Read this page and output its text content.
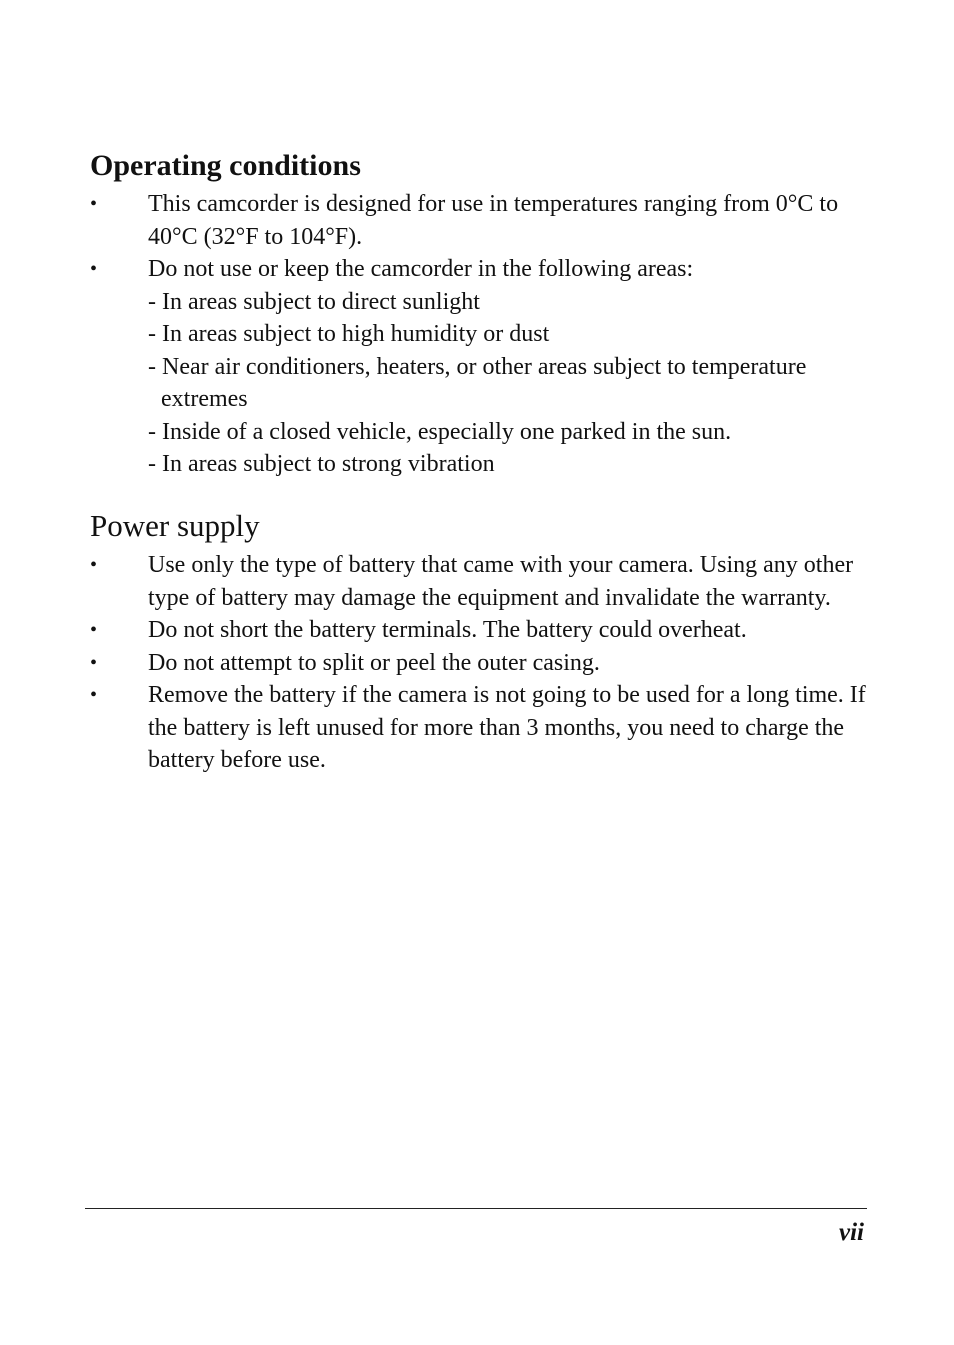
Operating conditions
• This camcorder is designed for use in temperatures ranging from 0°C to 40°C (32°F to 104°F).
• Do not use or keep the camcorder in the following areas:
- In areas subject to direct sunlight
- In areas subject to high humidity or dust
- Near air conditioners, heaters, or other areas subject to temperature extremes
- Inside of a closed vehicle, especially one parked in the sun.
- In areas subject to strong vibration
Power supply
• Use only the type of battery that came with your camera. Using any other type of battery may damage the equipment and invalidate the warranty.
• Do not short the battery terminals. The battery could overheat.
• Do not attempt to split or peel the outer casing.
• Remove the battery if the camera is not going to be used for a long time. If the battery is left unused for more than 3 months, you need to charge the battery before use.
vii
